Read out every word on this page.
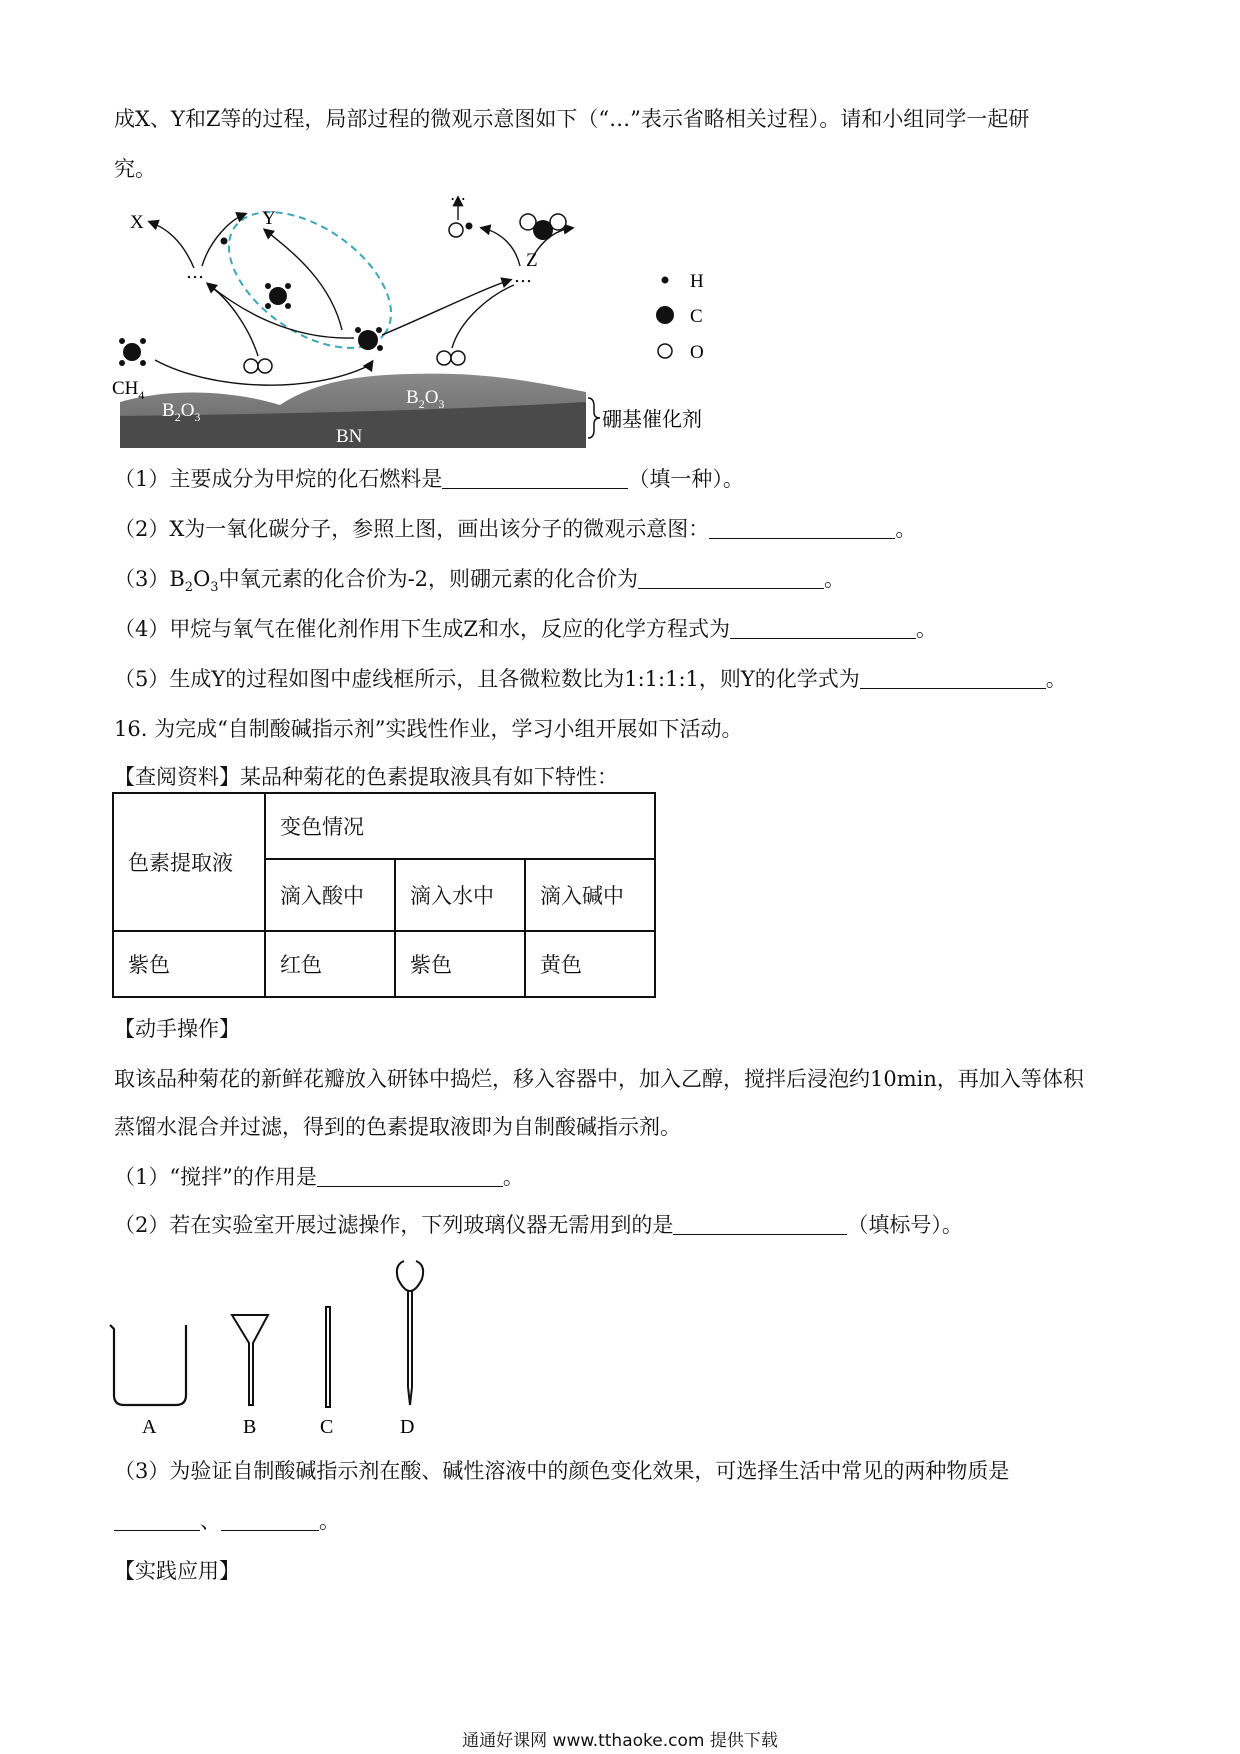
成X、Y和Z等的过程，局部过程的微观示意图如下（“…”表示省略相关过程）。请和小组同学一起研
究。
$B_2O_3$
$B_2O_3$
BN
硼基催化剂
$CH_4$
Y
…
X
…
…
Z
H
C
O
（1）主要成分为甲烷的化石燃料是	（填一种）。
（2）X为一氧化碳分子，参照上图，画出该分子的微观示意图：	。
$(3)B_2O_3$中氧元素的化合价为-2，则硼元素的化合价为	。
（4）甲烷与氧气在催化剂作用下生成Z和水，反应的化学方程式为	。
（5）生成Y的过程如图中虚线框所示，且各微粒数比为1:1:1:1，则Y的化学式为	。
16. 为完成“自制酸碱指示剂”实践性作业，学习小组开展如下活动。
【查阅资料】某品种菊花的色素提取液具有如下特性：
色素提取液	变色情况		
	滴入酸中	滴入水中	滴入碱中
紫色	红色	紫色	黄色
【动手操作】
取该品种菊花的新鲜花瓣放入研钵中捣烂，移入容器中，加入乙醇，搅拌后浸泡约10min，再加入等体积
蒸馏水混合并过滤，得到的色素提取液即为自制酸碱指示剂。
（1）“搅拌”的作用是	。
（2）若在实验室开展过滤操作，下列玻璃仪器无需用到的是	（填标号）。
A	B	C	D
（3）为验证自制酸碱指示剂在酸、碱性溶液中的颜色变化效果，可选择生活中常见的两种物质是
、	。
【实践应用】
通通好课网 www.tthaoke.com 提供下载
